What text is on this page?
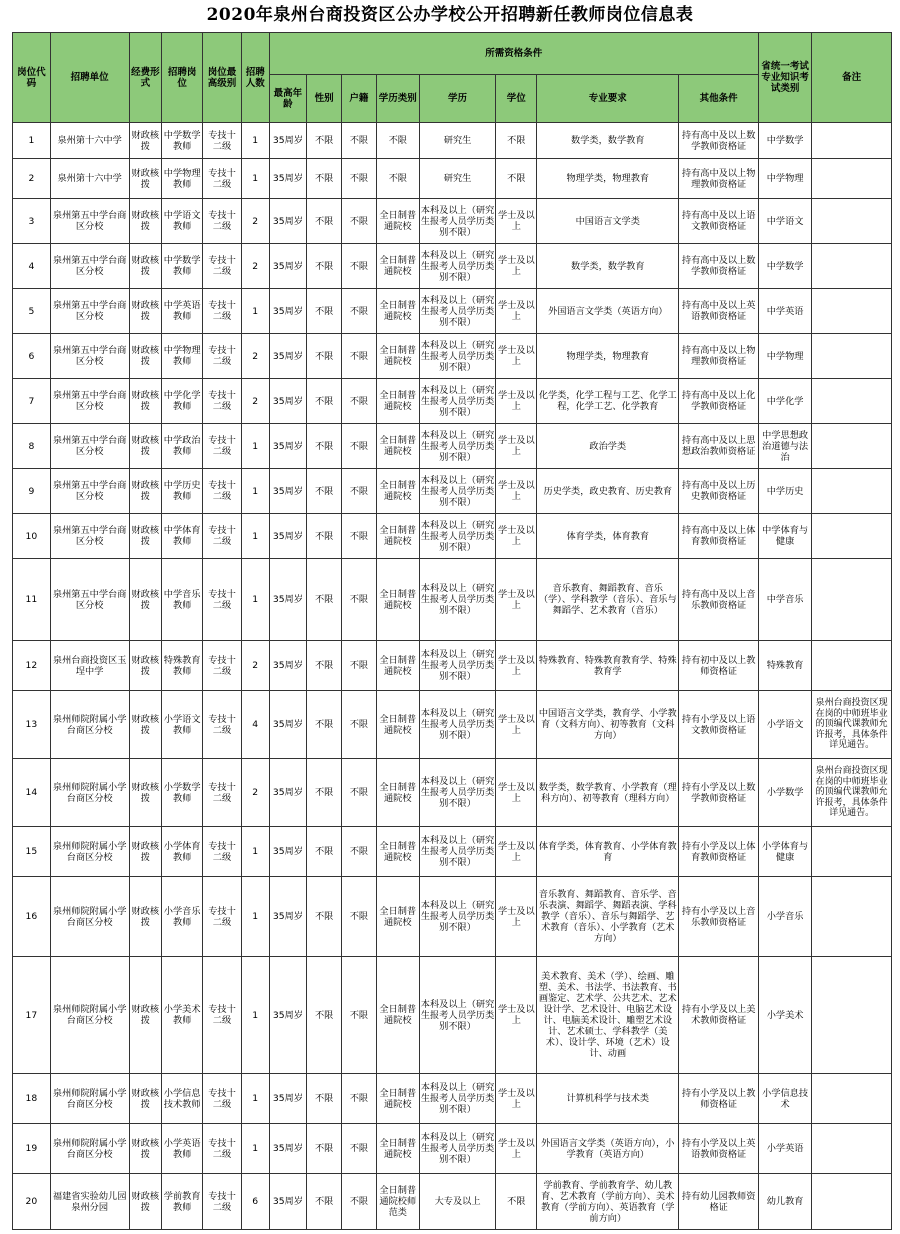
2020年泉州台商投资区公办学校公开招聘新任教师岗位信息表
岗位代码	招聘单位	经费形式	招聘岗位	岗位最高级别	招聘人数	所需资格条件								省统一考试专业知识考试类别	备注
						最高年龄	性别	户籍	学历类别	学历	学位	专业要求	其他条件		
1	泉州第十六中学	财政核拨	中学数学教师	专技十二级	1	35周岁	不限	不限	不限	研究生	不限	数学类，数学教育	持有高中及以上数学教师资格证	中学数学	
2	泉州第十六中学	财政核拨	中学物理教师	专技十二级	1	35周岁	不限	不限	不限	研究生	不限	物理学类，物理教育	持有高中及以上物理教师资格证	中学物理	
3	泉州第五中学台商区分校	财政核拨	中学语文教师	专技十二级	2	35周岁	不限	不限	全日制普通院校	本科及以上（研究生报考人员学历类别不限）	学士及以上	中国语言文学类	持有高中及以上语文教师资格证	中学语文	
4	泉州第五中学台商区分校	财政核拨	中学数学教师	专技十二级	2	35周岁	不限	不限	全日制普通院校	本科及以上（研究生报考人员学历类别不限）	学士及以上	数学类，数学教育	持有高中及以上数学教师资格证	中学数学	
5	泉州第五中学台商区分校	财政核拨	中学英语教师	专技十二级	1	35周岁	不限	不限	全日制普通院校	本科及以上（研究生报考人员学历类别不限）	学士及以上	外国语言文学类（英语方向）	持有高中及以上英语教师资格证	中学英语	
6	泉州第五中学台商区分校	财政核拨	中学物理教师	专技十二级	2	35周岁	不限	不限	全日制普通院校	本科及以上（研究生报考人员学历类别不限）	学士及以上	物理学类，物理教育	持有高中及以上物理教师资格证	中学物理	
7	泉州第五中学台商区分校	财政核拨	中学化学教师	专技十二级	2	35周岁	不限	不限	全日制普通院校	本科及以上（研究生报考人员学历类别不限）	学士及以上	化学类，化学工程与工艺、化学工程，化学工艺、化学教育	持有高中及以上化学教师资格证	中学化学	
8	泉州第五中学台商区分校	财政核拨	中学政治教师	专技十二级	1	35周岁	不限	不限	全日制普通院校	本科及以上（研究生报考人员学历类别不限）	学士及以上	政治学类	持有高中及以上思想政治教师资格证	中学思想政治道德与法治	
9	泉州第五中学台商区分校	财政核拨	中学历史教师	专技十二级	1	35周岁	不限	不限	全日制普通院校	本科及以上（研究生报考人员学历类别不限）	学士及以上	历史学类，政史教育、历史教育	持有高中及以上历史教师资格证	中学历史	
10	泉州第五中学台商区分校	财政核拨	中学体育教师	专技十二级	1	35周岁	不限	不限	全日制普通院校	本科及以上（研究生报考人员学历类别不限）	学士及以上	体育学类，体育教育	持有高中及以上体育教师资格证	中学体育与健康	
11	泉州第五中学台商区分校	财政核拨	中学音乐教师	专技十二级	1	35周岁	不限	不限	全日制普通院校	本科及以上（研究生报考人员学历类别不限）	学士及以上	音乐教育、舞蹈教育、音乐（学）、学科教学（音乐）、音乐与舞蹈学、艺术教育（音乐）	持有高中及以上音乐教师资格证	中学音乐	
12	泉州台商投资区玉埕中学	财政核拨	特殊教育教师	专技十二级	2	35周岁	不限	不限	全日制普通院校	本科及以上（研究生报考人员学历类别不限）	学士及以上	特殊教育、特殊教育教育学、特殊教育学	持有初中及以上教师资格证	特殊教育	
13	泉州师院附属小学台商区分校	财政核拨	小学语文教师	专技十二级	4	35周岁	不限	不限	全日制普通院校	本科及以上（研究生报考人员学历类别不限）	学士及以上	中国语言文学类，教育学、小学教育（文科方向）、初等教育（文科方向）	持有小学及以上语文教师资格证	小学语文	泉州台商投资区现在岗的中师班毕业的顶编代课教师允许报考，具体条件详见通告。
14	泉州师院附属小学台商区分校	财政核拨	小学数学教师	专技十二级	2	35周岁	不限	不限	全日制普通院校	本科及以上（研究生报考人员学历类别不限）	学士及以上	数学类，数学教育、小学教育（理科方向）、初等教育（理科方向）	持有小学及以上数学教师资格证	小学数学	泉州台商投资区现在岗的中师班毕业的顶编代课教师允许报考，具体条件详见通告。
15	泉州师院附属小学台商区分校	财政核拨	小学体育教师	专技十二级	1	35周岁	不限	不限	全日制普通院校	本科及以上（研究生报考人员学历类别不限）	学士及以上	体育学类，体育教育、小学体育教育	持有小学及以上体育教师资格证	小学体育与健康	
16	泉州师院附属小学台商区分校	财政核拨	小学音乐教师	专技十二级	1	35周岁	不限	不限	全日制普通院校	本科及以上（研究生报考人员学历类别不限）	学士及以上	音乐教育、舞蹈教育、音乐学、音乐表演、舞蹈学、舞蹈表演、学科教学（音乐）、音乐与舞蹈学、艺术教育（音乐）、小学教育（艺术方向）	持有小学及以上音乐教师资格证	小学音乐	
17	泉州师院附属小学台商区分校	财政核拨	小学美术教师	专技十二级	1	35周岁	不限	不限	全日制普通院校	本科及以上（研究生报考人员学历类别不限）	学士及以上	美术教育、美术（学）、绘画、雕塑、美术、书法学、书法教育、书画鉴定、艺术学、公共艺术、艺术设计学、艺术设计、电脑艺术设计、电脑美术设计、雕塑艺术设计、艺术硕士、学科教学（美术）、设计学、环境（艺术）设计、动画	持有小学及以上美术教师资格证	小学美术	
18	泉州师院附属小学台商区分校	财政核拨	小学信息技术教师	专技十二级	1	35周岁	不限	不限	全日制普通院校	本科及以上（研究生报考人员学历类别不限）	学士及以上	计算机科学与技术类	持有小学及以上教师资格证	小学信息技术	
19	泉州师院附属小学台商区分校	财政核拨	小学英语教师	专技十二级	1	35周岁	不限	不限	全日制普通院校	本科及以上（研究生报考人员学历类别不限）	学士及以上	外国语言文学类（英语方向），小学教育（英语方向）	持有小学及以上英语教师资格证	小学英语	
20	福建省实验幼儿园泉州分园	财政核拨	学前教育教师	专技十二级	6	35周岁	不限	不限	全日制普通院校师范类	大专及以上	不限	学前教育、学前教育学、幼儿教育、艺术教育（学前方向）、美术教育（学前方向）、英语教育（学前方向）	持有幼儿园教师资格证	幼儿教育	
